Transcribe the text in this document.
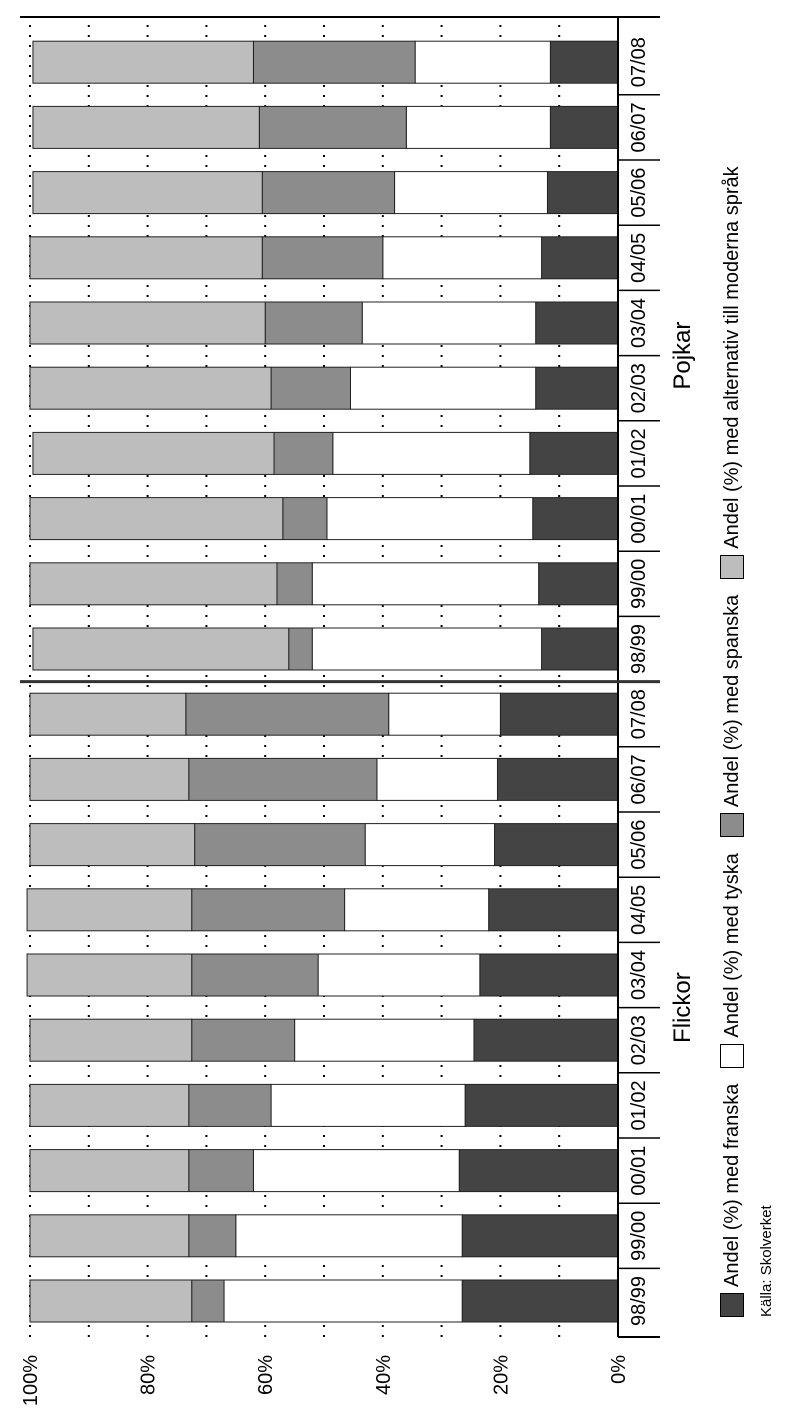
0%
20%
40%
60%
80%
100%
98/99
99/00
00/01
01/02
02/03
03/04
04/05
05/06
06/07
07/08
98/99
99/00
00/01
01/02
02/03
03/04
04/05
05/06
06/07
07/08
Flickor
Pojkar
Andel (%) med franska
Andel (%) med tyska
Andel (%) med spanska
Andel (%) med alternativ till moderna språk
Källa: Skolverket
